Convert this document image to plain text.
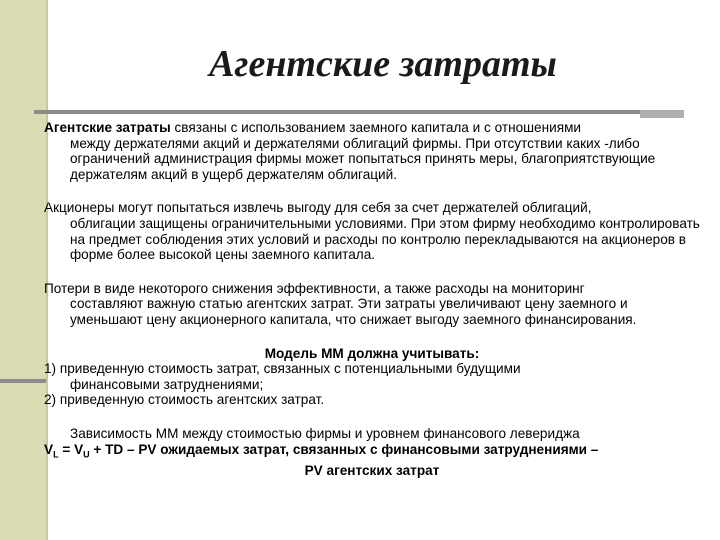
Агентские затраты
Агентские затраты связаны с использованием заемного капитала и с отношениями
между держателями акций и держателями облигаций фирмы. При отсутствии каких -либо ограничений администрация фирмы может попытаться принять меры, благоприятствующие держателям акций в ущерб держателям облигаций.
Акционеры могут попытаться извлечь выгоду для себя за счет держателей облигаций,
облигации защищены ограничительными условиями. При этом фирму необходимо контролировать на предмет соблюдения этих условий и расходы по контролю перекладываются на акционеров в форме более высокой цены заемного капитала.
Потери в виде некоторого снижения эффективности, а также расходы на мониторинг
составляют важную статью агентских затрат. Эти затраты увеличивают цену заемного и уменьшают цену акционерного капитала, что снижает выгоду заемного финансирования.
Модель ММ должна учитывать:
1) приведенную стоимость затрат, связанных с потенциальными будущими
финансовыми затруднениями;
2) приведенную стоимость агентских затрат.
Зависимость ММ между стоимостью фирмы и уровнем финансового левериджа
$V_L = V_U$ + TD – PV ожидаемых затрат, связанных с финансовыми затруднениями –
PV агентских затрат
